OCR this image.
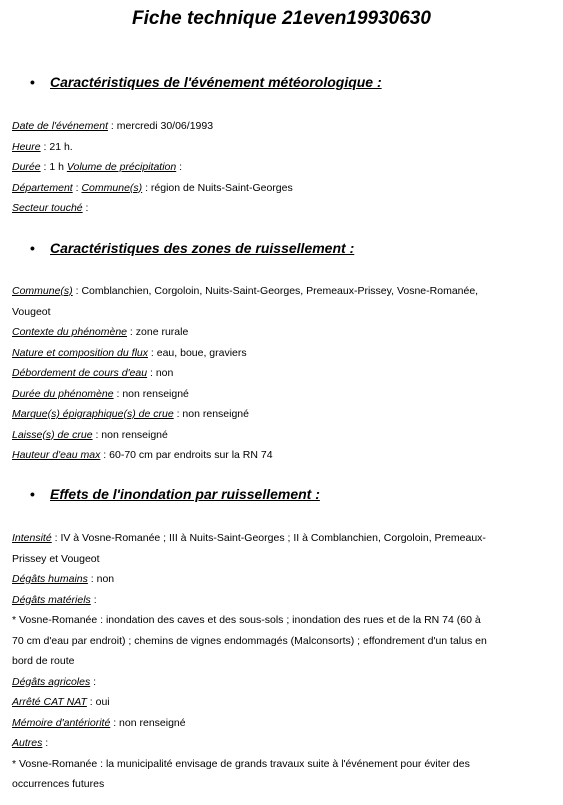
Fiche technique 21even19930630
•	Caractéristiques de l'événement météorologique :
Date de l'événement : mercredi 30/06/1993
Heure : 21 h.
Durée : 1 h Volume de précipitation :
Département : Commune(s) : région de Nuits-Saint-Georges
Secteur touché :
•	Caractéristiques des zones de ruissellement :
Commune(s) : Comblanchien, Corgoloin, Nuits-Saint-Georges, Premeaux-Prissey, Vosne-Romanée,
Vougeot
Contexte du phénomène : zone rurale
Nature et composition du flux : eau, boue, graviers
Débordement de cours d'eau : non
Durée du phénomène : non renseigné
Marque(s) épigraphique(s) de crue : non renseigné
Laisse(s) de crue : non renseigné
Hauteur d'eau max : 60-70 cm par endroits sur la RN 74
•	Effets de l'inondation par ruissellement :
Intensité : IV à Vosne-Romanée ; III à Nuits-Saint-Georges ; II à Comblanchien, Corgoloin, Premeaux-
Prissey et Vougeot
Dégâts humains : non
Dégâts matériels :
* Vosne-Romanée : inondation des caves et des sous-sols ; inondation des rues et de la RN 74 (60 à
70 cm d'eau par endroit) ; chemins de vignes endommagés (Malconsorts) ; effondrement d'un talus en
bord de route
Dégâts agricoles :
Arrêté CAT NAT : oui
Mémoire d'antériorité : non renseigné
Autres :
* Vosne-Romanée : la municipalité envisage de grands travaux suite à l'événement pour éviter des
occurrences futures
